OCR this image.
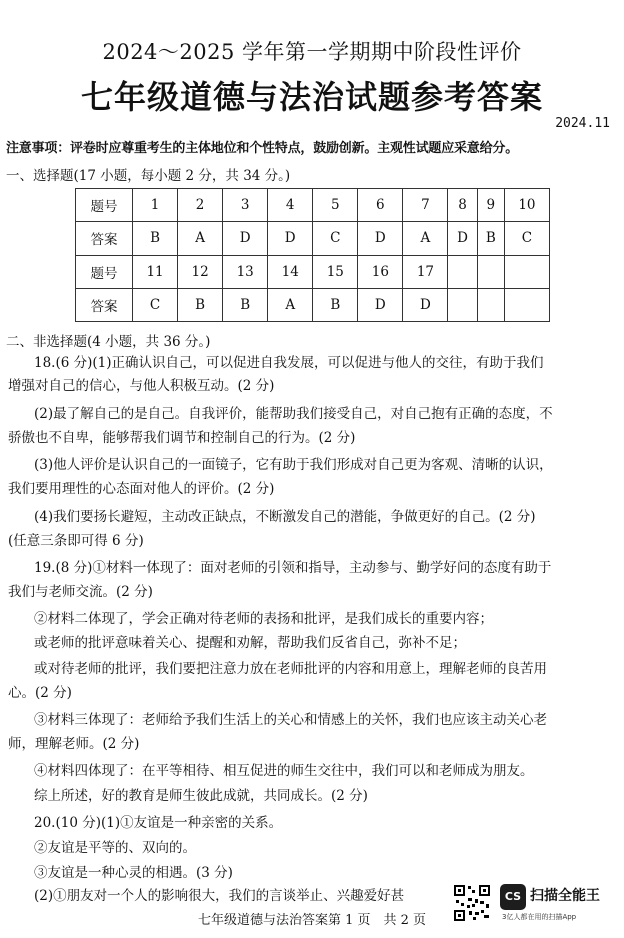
2024～2025 学年第一学期期中阶段性评价
七年级道德与法治试题参考答案
2024.11
注意事项：评卷时应尊重考生的主体地位和个性特点，鼓励创新。主观性试题应采意给分。
一、选择题(17 小题，每小题 2 分，共 34 分。)
题号	1	2	3	4	5	6	7	8	9	10
答案	B	A	D	D	C	D	A	D	B	C
题号	11	12	13	14	15	16	17			
答案	C	B	B	A	B	D	D			
二、非选择题(4 小题，共 36 分。)
18.(6 分)(1)正确认识自己，可以促进自我发展，可以促进与他人的交往，有助于我们
增强对自己的信心，与他人积极互动。(2 分)
(2)最了解自己的是自己。自我评价，能帮助我们接受自己，对自己抱有正确的态度，不
骄傲也不自卑，能够帮我们调节和控制自己的行为。(2 分)
(3)他人评价是认识自己的一面镜子，它有助于我们形成对自己更为客观、清晰的认识，
我们要用理性的心态面对他人的评价。(2 分)
(4)我们要扬长避短，主动改正缺点，不断激发自己的潜能，争做更好的自己。(2 分)
(任意三条即可得 6 分)
19.(8 分)①材料一体现了：面对老师的引领和指导，主动参与、勤学好问的态度有助于
我们与老师交流。(2 分)
②材料二体现了，学会正确对待老师的表扬和批评，是我们成长的重要内容；
或老师的批评意味着关心、提醒和劝解，帮助我们反省自己，弥补不足；
或对待老师的批评，我们要把注意力放在老师批评的内容和用意上，理解老师的良苦用
心。(2 分)
③材料三体现了：老师给予我们生活上的关心和情感上的关怀，我们也应该主动关心老
师，理解老师。(2 分)
④材料四体现了：在平等相待、相互促进的师生交往中，我们可以和老师成为朋友。
综上所述，好的教育是师生彼此成就，共同成长。(2 分)
20.(10 分)(1)①友谊是一种亲密的关系。
②友谊是平等的、双向的。
③友谊是一种心灵的相遇。(3 分)
(2)①朋友对一个人的影响很大，我们的言谈举止、兴趣爱好甚	CS 扫描全能王
3亿人都在用的扫描App
七年级道德与法治答案第 1 页　共 2 页
